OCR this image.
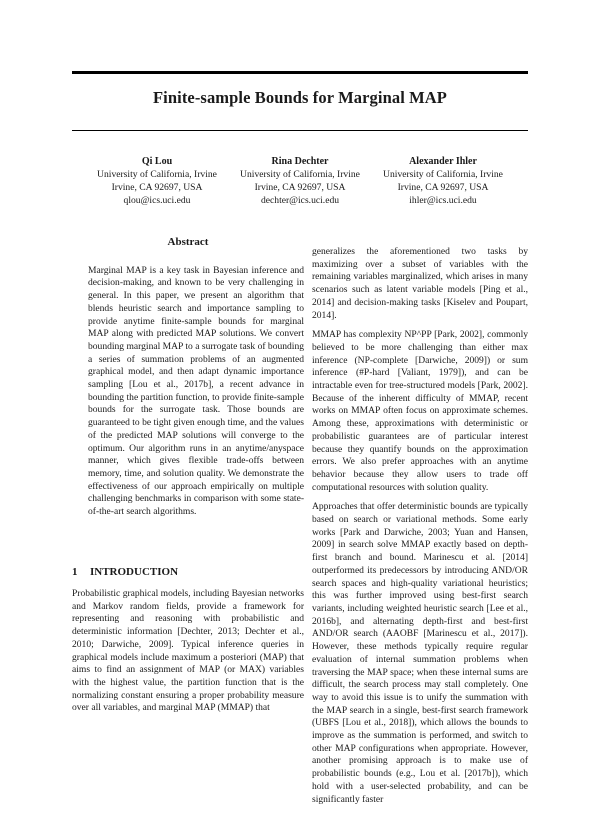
Finite-sample Bounds for Marginal MAP
Qi Lou
University of California, Irvine
Irvine, CA 92697, USA
qlou@ics.uci.edu
Rina Dechter
University of California, Irvine
Irvine, CA 92697, USA
dechter@ics.uci.edu
Alexander Ihler
University of California, Irvine
Irvine, CA 92697, USA
ihler@ics.uci.edu
Abstract

Marginal MAP is a key task in Bayesian inference and decision-making, and known to be very challenging in general. In this paper, we present an algorithm that blends heuristic search and importance sampling to provide anytime finite-sample bounds for marginal MAP along with predicted MAP solutions. We convert bounding marginal MAP to a surrogate task of bounding a series of summation problems of an augmented graphical model, and then adapt dynamic importance sampling [Lou et al., 2017b], a recent advance in bounding the partition function, to provide finite-sample bounds for the surrogate task. Those bounds are guaranteed to be tight given enough time, and the values of the predicted MAP solutions will converge to the optimum. Our algorithm runs in an anytime/anyspace manner, which gives flexible trade-offs between memory, time, and solution quality. We demonstrate the effectiveness of our approach empirically on multiple challenging benchmarks in comparison with some state-of-the-art search algorithms.

1 INTRODUCTION

Probabilistic graphical models, including Bayesian networks and Markov random fields, provide a framework for representing and reasoning with probabilistic and deterministic information [Dechter, 2013; Dechter et al., 2010; Darwiche, 2009]. Typical inference queries in graphical models include maximum a posteriori (MAP) that aims to find an assignment of MAP (or MAX) variables with the highest value, the partition function that is the normalizing constant ensuring a proper probability measure over all variables, and marginal MAP (MMAP) that

generalizes the aforementioned two tasks by maximizing over a subset of variables with the remaining variables marginalized, which arises in many scenarios such as latent variable models [Ping et al., 2014] and decision-making tasks [Kiselev and Poupart, 2014].

MMAP has complexity NP^PP [Park, 2002], commonly believed to be more challenging than either max inference (NP-complete [Darwiche, 2009]) or sum inference (#P-hard [Valiant, 1979]), and can be intractable even for tree-structured models [Park, 2002]. Because of the inherent difficulty of MMAP, recent works on MMAP often focus on approximate schemes. Among these, approximations with deterministic or probabilistic guarantees are of particular interest because they quantify bounds on the approximation errors. We also prefer approaches with an anytime behavior because they allow users to trade off computational resources with solution quality.

Approaches that offer deterministic bounds are typically based on search or variational methods. Some early works [Park and Darwiche, 2003; Yuan and Hansen, 2009] in search solve MMAP exactly based on depth-first branch and bound. Marinescu et al. [2014] outperformed its predecessors by introducing AND/OR search spaces and high-quality variational heuristics; this was further improved using best-first search variants, including weighted heuristic search [Lee et al., 2016b], and alternating depth-first and best-first AND/OR search (AAOBF [Marinescu et al., 2017]). However, these methods typically require regular evaluation of internal summation problems when traversing the MAP space; when these internal sums are difficult, the search process may stall completely. One way to avoid this issue is to unify the summation with the MAP search in a single, best-first search framework (UBFS [Lou et al., 2018]), which allows the bounds to improve as the summation is performed, and switch to other MAP configurations when appropriate. However, another promising approach is to make use of probabilistic bounds (e.g., Lou et al. [2017b]), which hold with a user-selected probability, and can be significantly faster
